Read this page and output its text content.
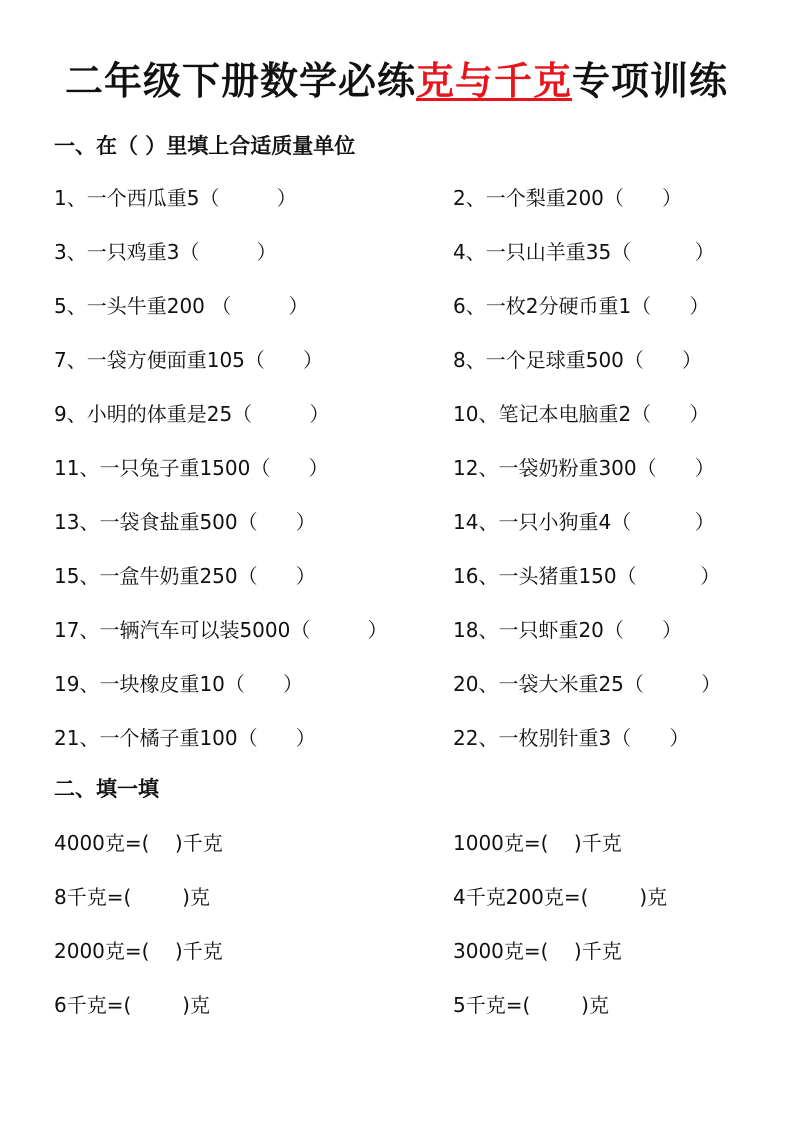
二年级下册数学必练克与千克专项训练
一、在（ ）里填上合适质量单位
1、一个西瓜重5（         ）	2、一个梨重200（      ）
3、一只鸡重3（         ）	4、一只山羊重35（          ）
5、一头牛重200 （         ）	6、一枚2分硬币重1（      ）
7、一袋方便面重105（      ）	8、一个足球重500（      ）
9、小明的体重是25（         ）	10、笔记本电脑重2（      ）
11、一只兔子重1500（      ）	12、一袋奶粉重300（      ）
13、一袋食盐重500（      ）	14、一只小狗重4（          ）
15、一盒牛奶重250（      ）	16、一头猪重150（          ）
17、一辆汽车可以装5000（         ）	18、一只虾重20（      ）
19、一块橡皮重10（      ）	20、一袋大米重25（         ）
21、一个橘子重100（      ）	22、一枚别针重3（      ）
二、填一填
4000克=(    )千克	1000克=(    )千克
8千克=(        )克	4千克200克=(        )克
2000克=(    )千克	3000克=(    )千克
6千克=(        )克	5千克=(        )克
